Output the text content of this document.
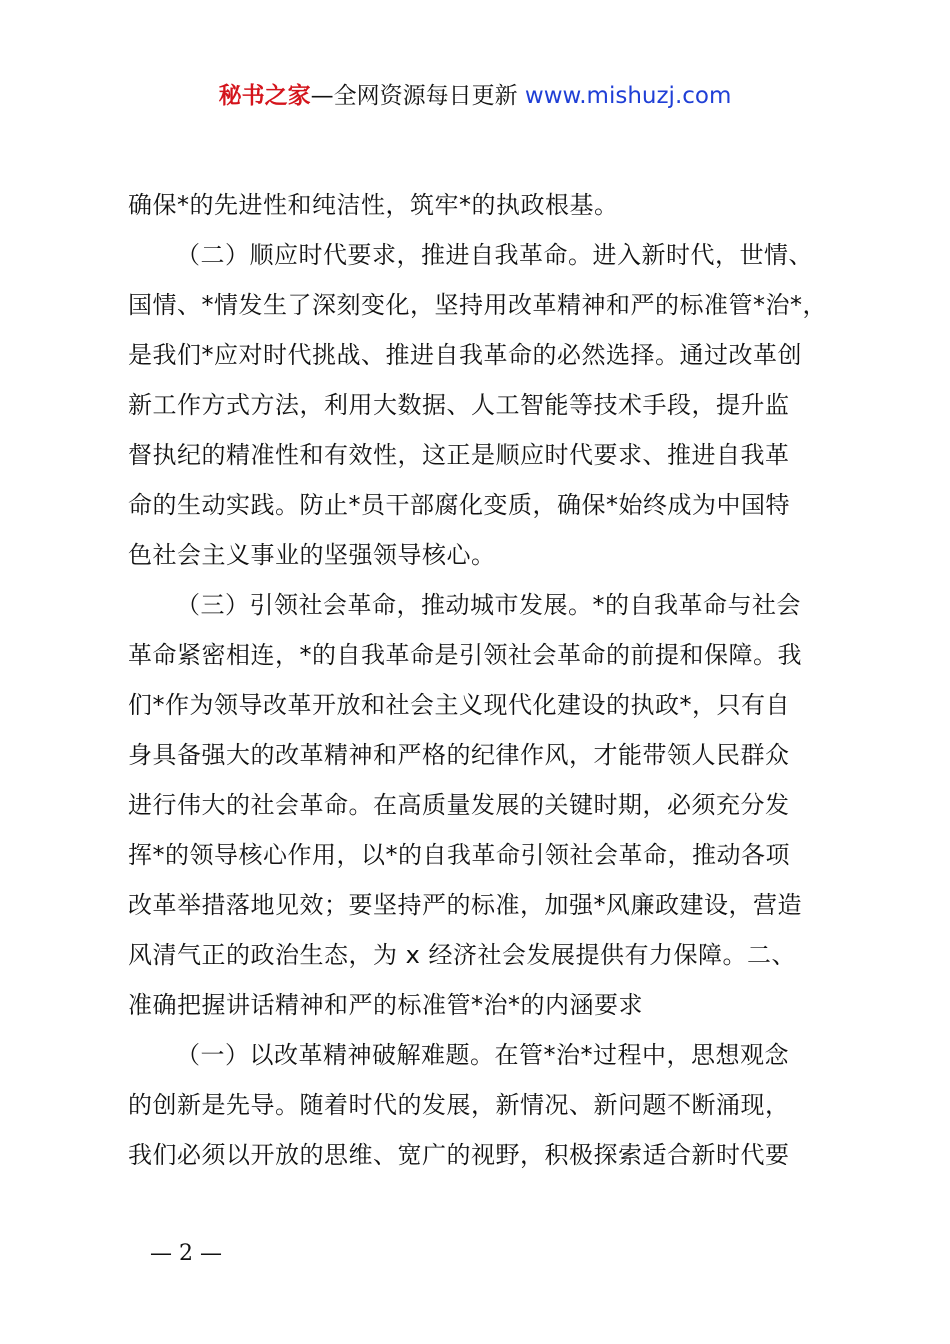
秘书之家—全网资源每日更新 www.mishuzj.com
确保*的先进性和纯洁性，筑牢*的执政根基。
（二）顺应时代要求，推进自我革命。进入新时代，世情、
国情、*情发生了深刻变化，坚持用改革精神和严的标准管*治*，
是我们*应对时代挑战、推进自我革命的必然选择。通过改革创
新工作方式方法，利用大数据、人工智能等技术手段，提升监
督执纪的精准性和有效性，这正是顺应时代要求、推进自我革
命的生动实践。防止*员干部腐化变质，确保*始终成为中国特
色社会主义事业的坚强领导核心。
（三）引领社会革命，推动城市发展。*的自我革命与社会
革命紧密相连，*的自我革命是引领社会革命的前提和保障。我
们*作为领导改革开放和社会主义现代化建设的执政*，只有自
身具备强大的改革精神和严格的纪律作风，才能带领人民群众
进行伟大的社会革命。在高质量发展的关键时期，必须充分发
挥*的领导核心作用，以*的自我革命引领社会革命，推动各项
改革举措落地见效；要坚持严的标准，加强*风廉政建设，营造
风清气正的政治生态，为 x 经济社会发展提供有力保障。二、
准确把握讲话精神和严的标准管*治*的内涵要求
（一）以改革精神破解难题。在管*治*过程中，思想观念
的创新是先导。随着时代的发展，新情况、新问题不断涌现，
我们必须以开放的思维、宽广的视野，积极探索适合新时代要
— 2 —
